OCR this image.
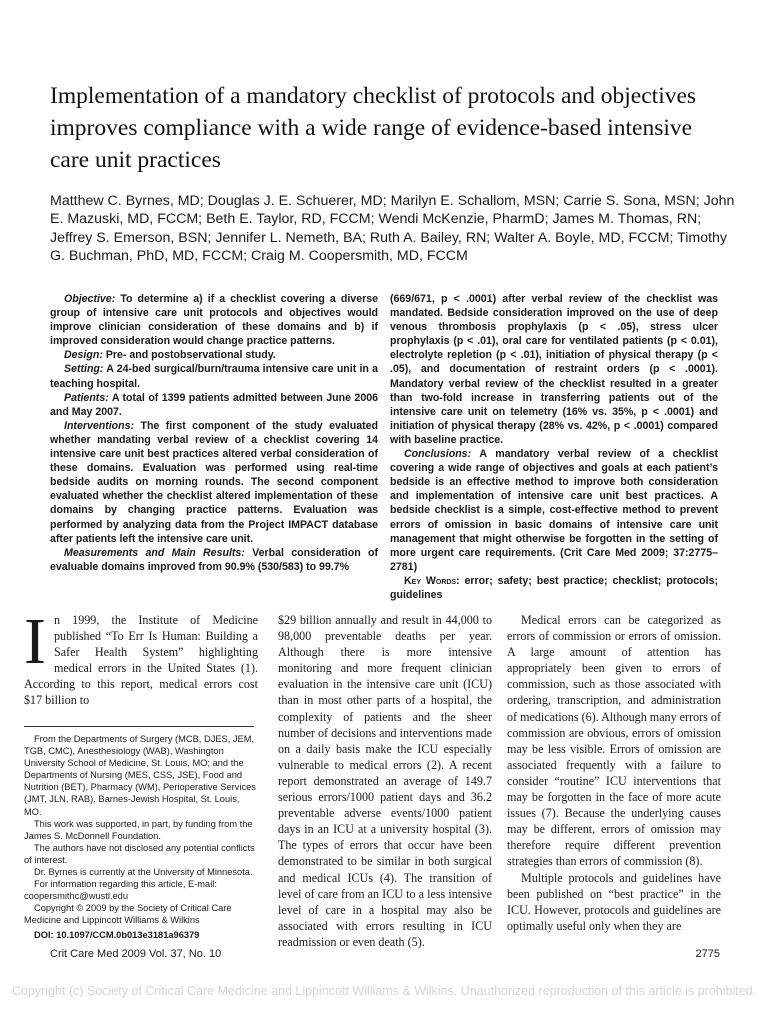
Implementation of a mandatory checklist of protocols and objectives improves compliance with a wide range of evidence-based intensive care unit practices

Matthew C. Byrnes, MD; Douglas J. E. Schuerer, MD; Marilyn E. Schallom, MSN; Carrie S. Sona, MSN; John E. Mazuski, MD, FCCM; Beth E. Taylor, RD, FCCM; Wendi McKenzie, PharmD; James M. Thomas, RN; Jeffrey S. Emerson, BSN; Jennifer L. Nemeth, BA; Ruth A. Bailey, RN; Walter A. Boyle, MD, FCCM; Timothy G. Buchman, PhD, MD, FCCM; Craig M. Coopersmith, MD, FCCM

Objective: To determine a) if a checklist covering a diverse group of intensive care unit protocols and objectives would improve clinician consideration of these domains and b) if improved consideration would change practice patterns.

Design: Pre- and postobservational study.

Setting: A 24-bed surgical/burn/trauma intensive care unit in a teaching hospital.

Patients: A total of 1399 patients admitted between June 2006 and May 2007.

Interventions: The first component of the study evaluated whether mandating verbal review of a checklist covering 14 intensive care unit best practices altered verbal consideration of these domains. Evaluation was performed using real-time bedside audits on morning rounds. The second component evaluated whether the checklist altered implementation of these domains by changing practice patterns. Evaluation was performed by analyzing data from the Project IMPACT database after patients left the intensive care unit.

Measurements and Main Results: Verbal consideration of evaluable domains improved from 90.9% (530/583) to 99.7%

(669/671, p < .0001) after verbal review of the checklist was mandated. Bedside consideration improved on the use of deep venous thrombosis prophylaxis (p < .05), stress ulcer prophylaxis (p < .01), oral care for ventilated patients (p < 0.01), electrolyte repletion (p < .01), initiation of physical therapy (p < .05), and documentation of restraint orders (p < .0001). Mandatory verbal review of the checklist resulted in a greater than two-fold increase in transferring patients out of the intensive care unit on telemetry (16% vs. 35%, p < .0001) and initiation of physical therapy (28% vs. 42%, p < .0001) compared with baseline practice.

Conclusions: A mandatory verbal review of a checklist covering a wide range of objectives and goals at each patient’s bedside is an effective method to improve both consideration and implementation of intensive care unit best practices. A bedside checklist is a simple, cost-effective method to prevent errors of omission in basic domains of intensive care unit management that might otherwise be forgotten in the setting of more urgent care requirements. (Crit Care Med 2009; 37:2775–2781)

Key Words: error; safety; best practice; checklist; protocols; guidelines

In 1999, the Institute of Medicine published “To Err Is Human: Building a Safer Health System” highlighting medical errors in the United States (1). According to this report, medical errors cost $17 billion to

From the Departments of Surgery (MCB, DJES, JEM, TGB, CMC), Anesthesiology (WAB), Washington University School of Medicine, St. Louis, MO; and the Departments of Nursing (MES, CSS, JSE), Food and Nutrition (BET), Pharmacy (WM), Perioperative Services (JMT, JLN, RAB), Barnes-Jewish Hospital, St. Louis, MO.

This work was supported, in part, by funding from the James S. McDonnell Foundation.

The authors have not disclosed any potential conflicts of interest.

Dr. Byrnes is currently at the University of Minnesota.

For information regarding this article, E-mail: coopersmithc@wustl.edu

Copyright © 2009 by the Society of Critical Care Medicine and Lippincott Williams & Wilkins

DOI: 10.1097/CCM.0b013e3181a96379

$29 billion annually and result in 44,000 to 98,000 preventable deaths per year. Although there is more intensive monitoring and more frequent clinician evaluation in the intensive care unit (ICU) than in most other parts of a hospital, the complexity of patients and the sheer number of decisions and interventions made on a daily basis make the ICU especially vulnerable to medical errors (2). A recent report demonstrated an average of 149.7 serious errors/1000 patient days and 36.2 preventable adverse events/1000 patient days in an ICU at a university hospital (3). The types of errors that occur have been demonstrated to be similar in both surgical and medical ICUs (4). The transition of level of care from an ICU to a less intensive level of care in a hospital may also be associated with errors resulting in ICU readmission or even death (5).

Medical errors can be categorized as errors of commission or errors of omission. A large amount of attention has appropriately been given to errors of commission, such as those associated with ordering, transcription, and administration of medications (6). Although many errors of commission are obvious, errors of omission may be less visible. Errors of omission are associated frequently with a failure to consider “routine” ICU interventions that may be forgotten in the face of more acute issues (7). Because the underlying causes may be different, errors of omission may therefore require different prevention strategies than errors of commission (8).

Multiple protocols and guidelines have been published on “best practice” in the ICU. However, protocols and guidelines are optimally useful only when they are

Crit Care Med 2009 Vol. 37, No. 10	2775
Copyright (c) Society of Critical Care Medicine and Lippincott Williams & Wilkins. Unauthorized reproduction of this article is prohibited.
